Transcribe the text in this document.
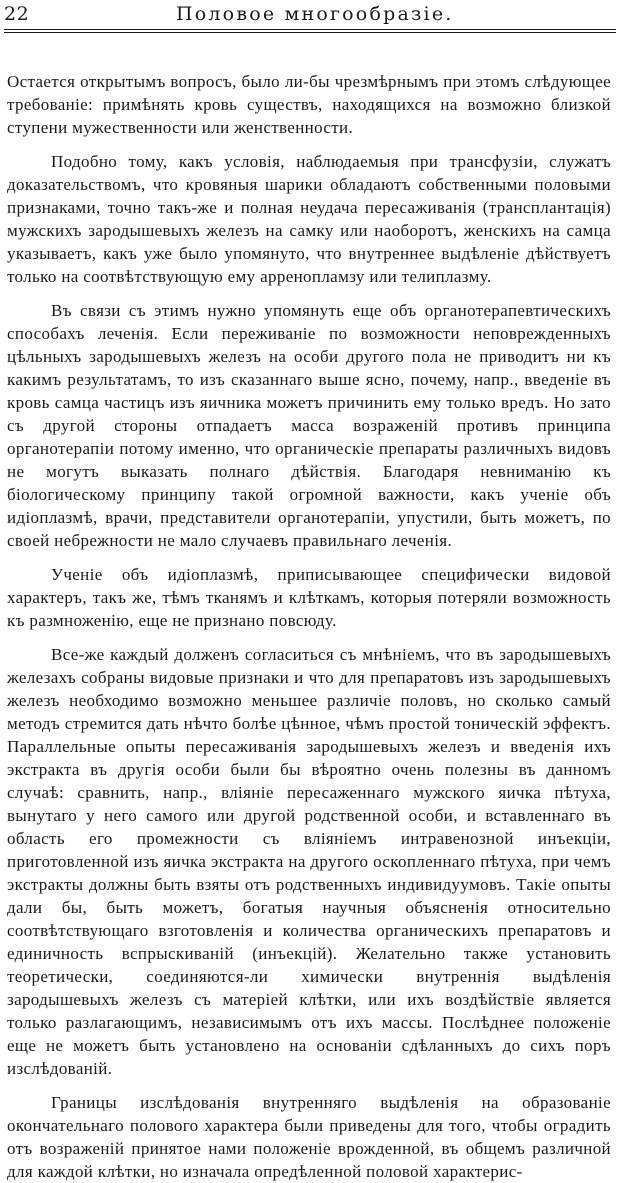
22	Половое многообразіе.

Остается открытымъ вопросъ, было ли-бы чрезмѣрнымъ при этомъ слѣдующее требованіе: примѣнять кровь существъ, находящихся на возможно близкой ступени мужественности или женственности.

Подобно тому, какъ условія, наблюдаемыя при трансфузіи, служатъ доказательствомъ, что кровяныя шарики обладаютъ собственными половыми признаками, точно такъ-же и полная неудача пересаживанія (трансплантація) мужскихъ зародышевыхъ железъ на самку или наоборотъ, женскихъ на самца указываетъ, какъ уже было упомянуто, что внутреннее выдѣленіе дѣйствуетъ только на соотвѣтствующую ему арренопламзу или телиплазму.

Въ связи съ этимъ нужно упомянуть еще объ органотерапевтическихъ способахъ леченія. Если переживаніе по возможности неповрежденныхъ цѣльныхъ зародышевыхъ железъ на особи другого пола не приводитъ ни къ какимъ результатамъ, то изъ сказаннаго выше ясно, почему, напр., введеніе въ кровь самца частицъ изъ яичника можетъ причинить ему только вредъ. Но зато съ другой стороны отпадаетъ масса возраженій противъ принципа органотерапіи потому именно, что органическіе препараты различныхъ видовъ не могутъ выказать полнаго дѣйствія. Благодаря невниманію къ біологическому принципу такой огромной важности, какъ ученіе объ идіоплазмѣ, врачи, представители органотерапіи, упустили, быть можетъ, по своей небрежности не мало случаевъ правильнаго леченія.

Ученіе объ идіоплазмѣ, приписывающее специфически видовой характеръ, такъ же, тѣмъ тканямъ и клѣткамъ, которыя потеряли возможность къ размноженію, еще не признано повсюду.

Все-же каждый долженъ согласиться съ мнѣніемъ, что въ зародышевыхъ железахъ собраны видовые признаки и что для препаратовъ изъ зародышевыхъ железъ необходимо возможно меньшее различіе половъ, но сколько самый методъ стремится дать нѣчто болѣе цѣнное, чѣмъ простой тоническій эффектъ. Параллельные опыты пересаживанія зародышевыхъ железъ и введенія ихъ экстракта въ другія особи были бы вѣроятно очень полезны въ данномъ случаѣ: сравнить, напр., вліяніе пересаженнаго мужского яичка пѣтуха, вынутаго у него самого или другой родственной особи, и вставленнаго въ область его промежности съ вліяніемъ интравенозной инъекціи, приготовленной изъ яичка экстракта на другого оскопленнаго пѣтуха, при чемъ экстракты должны быть взяты отъ родственныхъ индивидуумовъ. Такіе опыты дали бы, быть можетъ, богатыя научныя объясненія относительно соотвѣтствующаго взготовленія и количества органическихъ препаратовъ и единичность вспрыскиваній (инъекцій). Желательно также установить теоретически, соединяются-ли химически внутреннія выдѣленія зародышевыхъ железъ съ матеріей клѣтки, или ихъ воздѣйствіе является только разлагающимъ, независимымъ отъ ихъ массы. Послѣднее положеніе еще не можетъ быть установлено на основаніи сдѣланныхъ до сихъ поръ изслѣдованій.

Границы изслѣдованія внутренняго выдѣленія на образованіе окончательнаго полового характера были приведены для того, чтобы оградить отъ возраженій принятое нами положеніе врожденной, въ общемъ различной для каждой клѣтки, но изначала опредѣленной половой характерис-
